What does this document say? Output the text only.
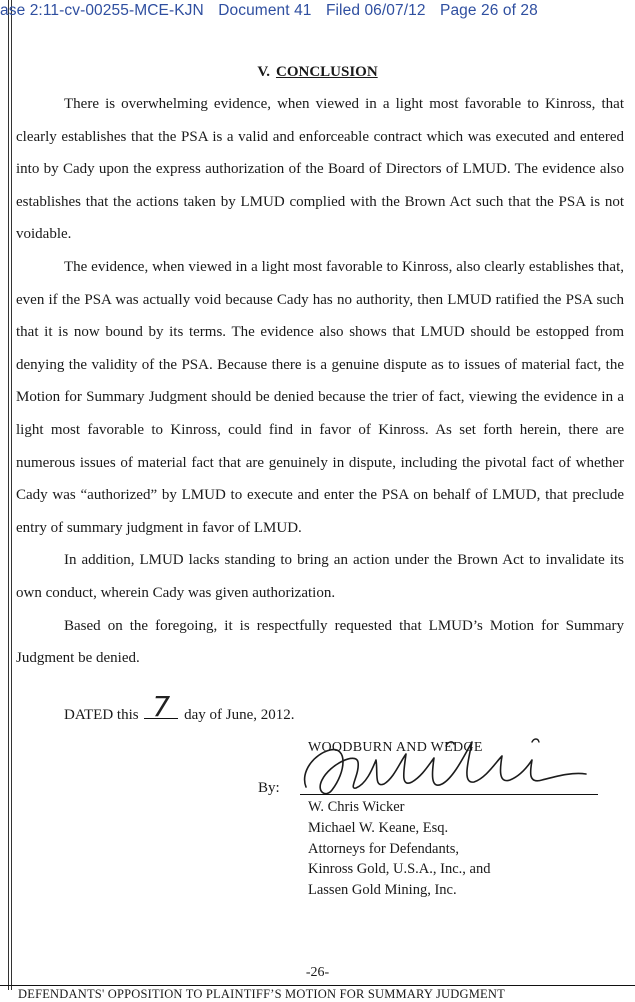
ase 2:11-cv-00255-MCE-KJN Document 41 Filed 06/07/12 Page 26 of 28
V. CONCLUSION

There is overwhelming evidence, when viewed in a light most favorable to Kinross, that clearly establishes that the PSA is a valid and enforceable contract which was executed and entered into by Cady upon the express authorization of the Board of Directors of LMUD. The evidence also establishes that the actions taken by LMUD complied with the Brown Act such that the PSA is not voidable.

The evidence, when viewed in a light most favorable to Kinross, also clearly establishes that, even if the PSA was actually void because Cady has no authority, then LMUD ratified the PSA such that it is now bound by its terms. The evidence also shows that LMUD should be estopped from denying the validity of the PSA. Because there is a genuine dispute as to issues of material fact, the Motion for Summary Judgment should be denied because the trier of fact, viewing the evidence in a light most favorable to Kinross, could find in favor of Kinross. As set forth herein, there are numerous issues of material fact that are genuinely in dispute, including the pivotal fact of whether Cady was “authorized” by LMUD to execute and enter the PSA on behalf of LMUD, that preclude entry of summary judgment in favor of LMUD.

In addition, LMUD lacks standing to bring an action under the Brown Act to invalidate its own conduct, wherein Cady was given authorization.

Based on the foregoing, it is respectfully requested that LMUD’s Motion for Summary Judgment be denied.

DATED this 7 day of June, 2012.
WOODBURN AND WEDGE
By:
W. Chris Wicker
Michael W. Keane, Esq.
Attorneys for Defendants,
Kinross Gold, U.S.A., Inc., and
Lassen Gold Mining, Inc.
-26-
DEFENDANTS' OPPOSITION TO PLAINTIFF’S MOTION FOR SUMMARY JUDGMENT
